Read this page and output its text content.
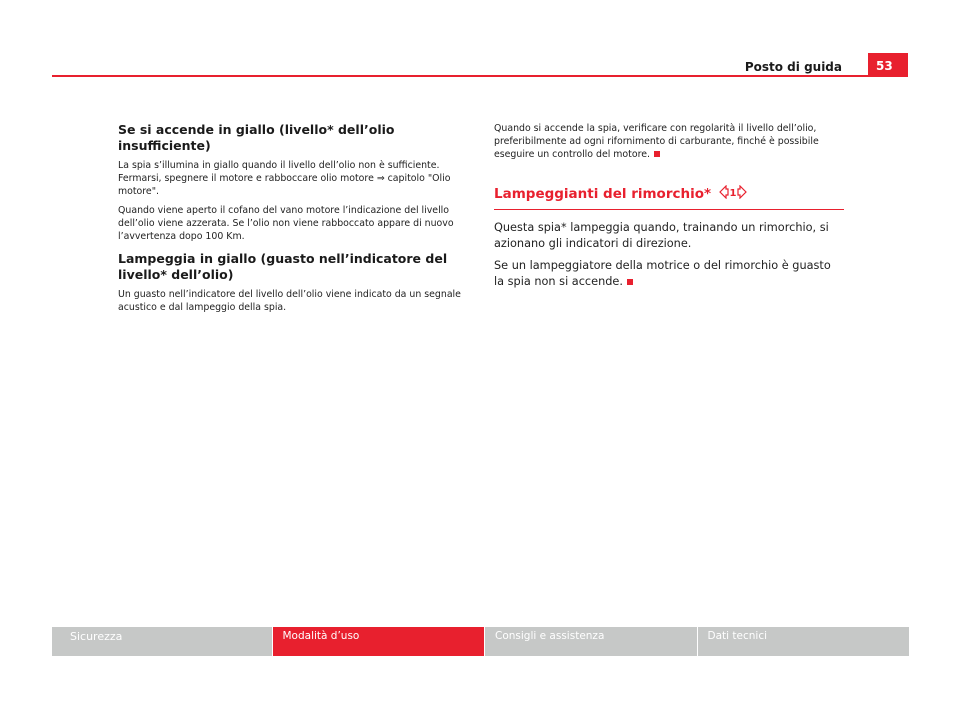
Posto di guida	53
Se si accende in giallo (livello* dell’olio insufficiente)

La spia s’illumina in giallo quando il livello dell’olio non è sufficiente. Fermarsi, spegnere il motore e rabboccare olio motore ⇒ capitolo "Olio motore".

Quando viene aperto il cofano del vano motore l’indicazione del livello dell’olio viene azzerata. Se l’olio non viene rabboccato appare di nuovo l’avvertenza dopo 100 Km.

Lampeggia in giallo (guasto nell’indicatore del livello* dell’olio)

Un guasto nell’indicatore del livello dell’olio viene indicato da un segnale acustico e dal lampeggio della spia.

Quando si accende la spia, verificare con regolarità il livello dell’olio, preferibilmente ad ogni rifornimento di carburante, finché è possibile eseguire un controllo del motore.

Lampeggianti del rimorchio* 1

Questa spia* lampeggia quando, trainando un rimorchio, si azionano gli indicatori di direzione.

Se un lampeggiatore della motrice o del rimorchio è guasto la spia non si accende.

Sicurezza	Modalità d’uso	Consigli e assistenza	Dati tecnici
